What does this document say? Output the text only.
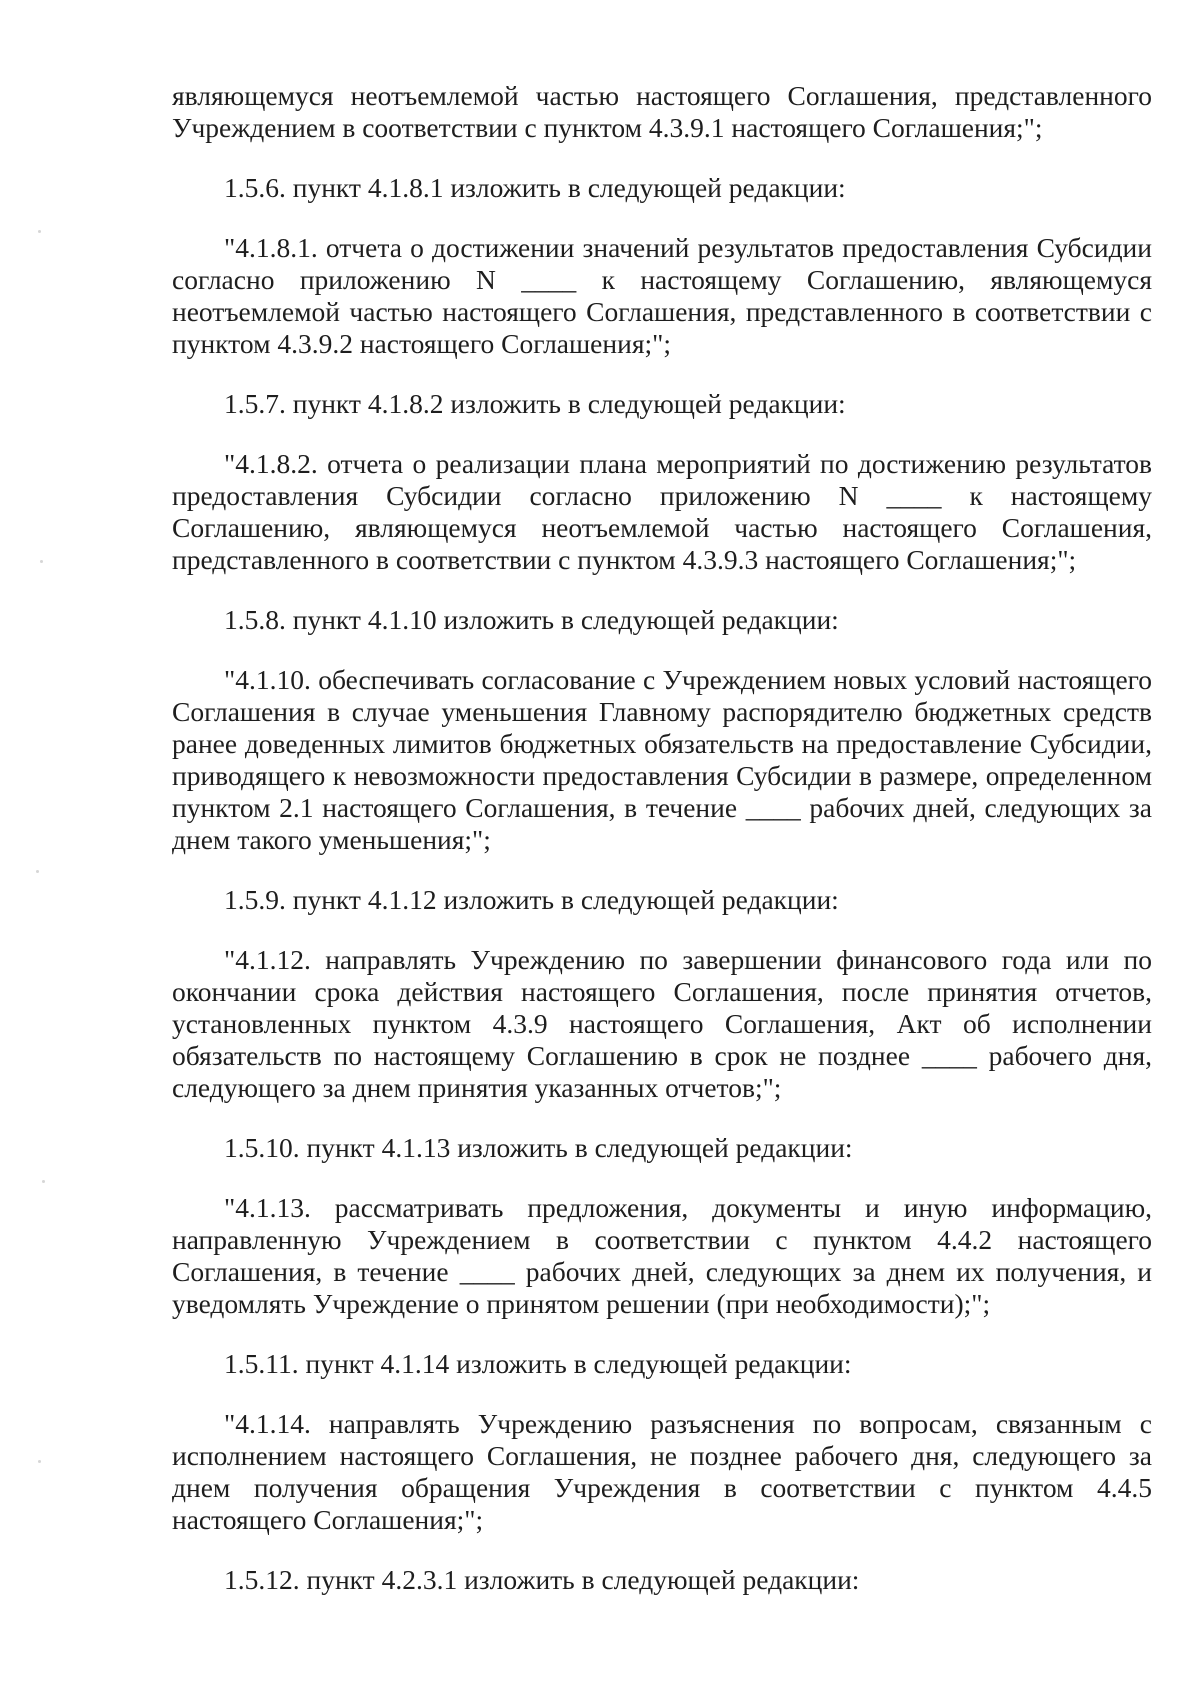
являющемуся неотъемлемой частью настоящего Соглашения, представленного Учреждением в соответствии с пунктом 4.3.9.1 настоящего Соглашения;";

1.5.6. пункт 4.1.8.1 изложить в следующей редакции:

"4.1.8.1. отчета о достижении значений результатов предоставления Субсидии согласно приложению N ____ к настоящему Соглашению, являющемуся неотъемлемой частью настоящего Соглашения, представленного в соответствии с пунктом 4.3.9.2 настоящего Соглашения;";

1.5.7. пункт 4.1.8.2 изложить в следующей редакции:

"4.1.8.2. отчета о реализации плана мероприятий по достижению результатов предоставления Субсидии согласно приложению N ____ к настоящему Соглашению, являющемуся неотъемлемой частью настоящего Соглашения, представленного в соответствии с пунктом 4.3.9.3 настоящего Соглашения;";

1.5.8. пункт 4.1.10 изложить в следующей редакции:

"4.1.10. обеспечивать согласование с Учреждением новых условий настоящего Соглашения в случае уменьшения Главному распорядителю бюджетных средств ранее доведенных лимитов бюджетных обязательств на предоставление Субсидии, приводящего к невозможности предоставления Субсидии в размере, определенном пунктом 2.1 настоящего Соглашения, в течение ____ рабочих дней, следующих за днем такого уменьшения;";

1.5.9. пункт 4.1.12 изложить в следующей редакции:

"4.1.12. направлять Учреждению по завершении финансового года или по окончании срока действия настоящего Соглашения, после принятия отчетов, установленных пунктом 4.3.9 настоящего Соглашения, Акт об исполнении обязательств по настоящему Соглашению в срок не позднее ____ рабочего дня, следующего за днем принятия указанных отчетов;";

1.5.10. пункт 4.1.13 изложить в следующей редакции:

"4.1.13. рассматривать предложения, документы и иную информацию, направленную Учреждением в соответствии с пунктом 4.4.2 настоящего Соглашения, в течение ____ рабочих дней, следующих за днем их получения, и уведомлять Учреждение о принятом решении (при необходимости);";

1.5.11. пункт 4.1.14 изложить в следующей редакции:

"4.1.14. направлять Учреждению разъяснения по вопросам, связанным с исполнением настоящего Соглашения, не позднее рабочего дня, следующего за днем получения обращения Учреждения в соответствии с пунктом 4.4.5 настоящего Соглашения;";

1.5.12. пункт 4.2.3.1 изложить в следующей редакции:
